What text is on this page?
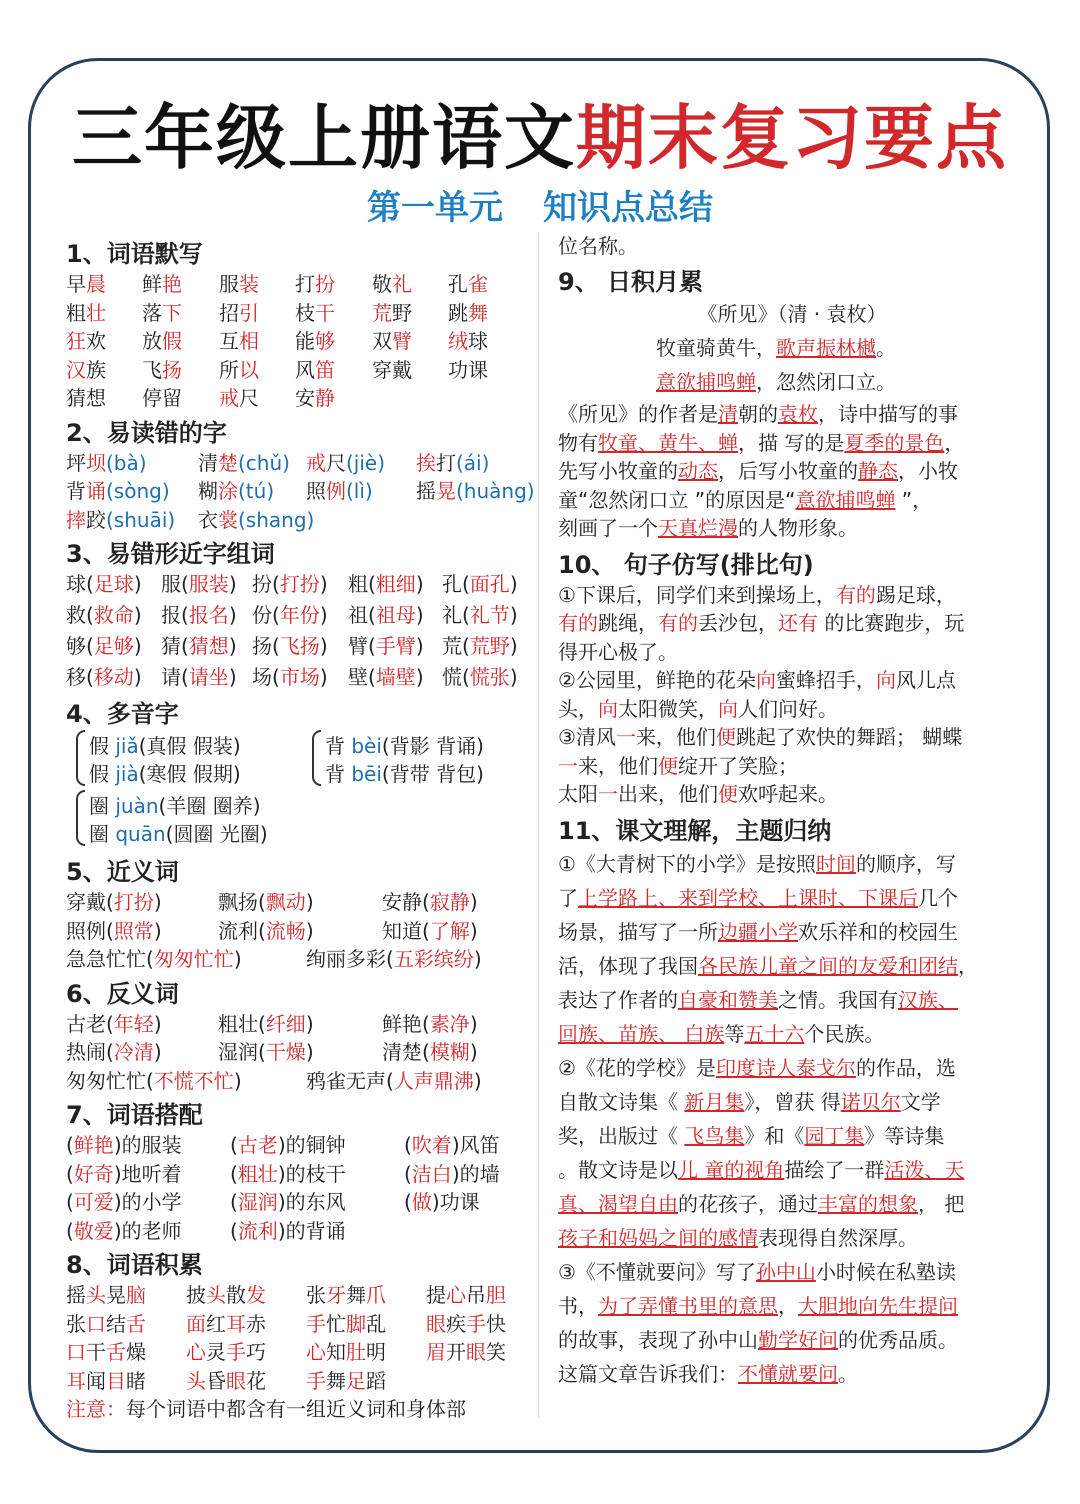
三年级上册语文期末复习要点
第一单元 知识点总结
1、词语默写
早晨	鲜艳	服装	打扮	敬礼	孔雀
粗壮	落下	招引	枝干	荒野	跳舞
狂欢	放假	互相	能够	双臂	绒球
汉族	飞扬	所以	风笛	穿戴	功课
猜想	停留	戒尺	安静
2、易读错的字
坪坝(bà)	清楚(chǔ) 戒尺(jiè)	挨打(ái)
背诵(sòng)	糊涂(tú)	照例(lì)	摇晃(huàng)
摔跤(shuāi)	衣裳(shang)
3、易错形近字组词
球(足球) 服(服装) 扮(打扮)	粗(粗细) 孔(面孔)
救(救命) 报(报名) 份(年份)	祖(祖母) 礼(礼节)
够(足够) 猜(猜想) 扬(飞扬)	臂(手臂) 荒(荒野)
移(移动) 请(请坐) 场(市场)	壁(墙壁) 慌(慌张)
4、多音字
假 jiǎ(真假 假装)
假 jià(寒假 假期)
背 bèi(背影 背诵)
背 bēi(背带 背包)
圈 juàn(羊圈 圈养)
圈 quān(圆圈 光圈)
5、近义词
穿戴(打扮)	飘扬(飘动)	安静(寂静)
照例(照常)	流利(流畅)	知道(了解)
急急忙忙(匆匆忙忙)	绚丽多彩(五彩缤纷)
6、反义词
古老(年轻)	粗壮(纤细)	鲜艳(素净)
热闹(冷清)	湿润(干燥)	清楚(模糊)
匆匆忙忙(不慌不忙)	鸦雀无声(人声鼎沸)
7、词语搭配
(鲜艳)的服装	(古老)的铜钟	(吹着)风笛
(好奇)地听着	(粗壮)的枝干	(洁白)的墙
(可爱)的小学	(湿润)的东风	(做)功课
(敬爱)的老师	(流利)的背诵
8、词语积累
摇头晃脑	披头散发	张牙舞爪	提心吊胆
张口结舌	面红耳赤	手忙脚乱	眼疾手快
口干舌燥	心灵手巧	心知肚明	眉开眼笑
耳闻目睹	头昏眼花	手舞足蹈
注意：每个词语中都含有一组近义词和身体部
位名称。
9、 日积月累
《所见》（清 · 袁枚）
牧童骑黄牛，歌声振林樾。
意欲捕鸣蝉，忽然闭口立。
《所见》的作者是清朝的袁枚，诗中描写的事
物有牧童、黄牛、蝉，描 写的是夏季的景色，
先写小牧童的动态，后写小牧童的静态，小牧
童“忽然闭口立 ”的原因是“意欲捕鸣蝉 ”，
刻画了一个天真烂漫的人物形象。
10、 句子仿写(排比句)
①下课后，同学们来到操场上，有的踢足球，
有的跳绳，有的丢沙包，还有 的比赛跑步，玩
得开心极了。
②公园里，鲜艳的花朵向蜜蜂招手，向风儿点
头，向太阳微笑，向人们问好。
③清风一来，他们便跳起了欢快的舞蹈； 蝴蝶
一来，他们便绽开了笑脸；
太阳一出来，他们便欢呼起来。
11、课文理解，主题归纳
①《大青树下的小学》是按照时间的顺序，写
了上学路上、来到学校、上课时、下课后几个
场景，描写了一所边疆小学欢乐祥和的校园生
活，体现了我国各民族儿童之间的友爱和团结，
表达了作者的自豪和赞美之情。我国有汉族、
回族、苗族、 白族等五十六个民族。
②《花的学校》是印度诗人泰戈尔的作品，选
自散文诗集《 新月集》，曾获 得诺贝尔文学
奖，出版过《 飞鸟集》和《园丁集》等诗集
。散文诗是以儿 童的视角描绘了一群活泼、天
真、渴望自由的花孩子，通过丰富的想象， 把
孩子和妈妈之间的感情表现得自然深厚。
③《不懂就要问》写了孙中山小时候在私塾读
书，为了弄懂书里的意思，大胆地向先生提问
的故事，表现了孙中山勤学好问的优秀品质。
这篇文章告诉我们：不懂就要问。
